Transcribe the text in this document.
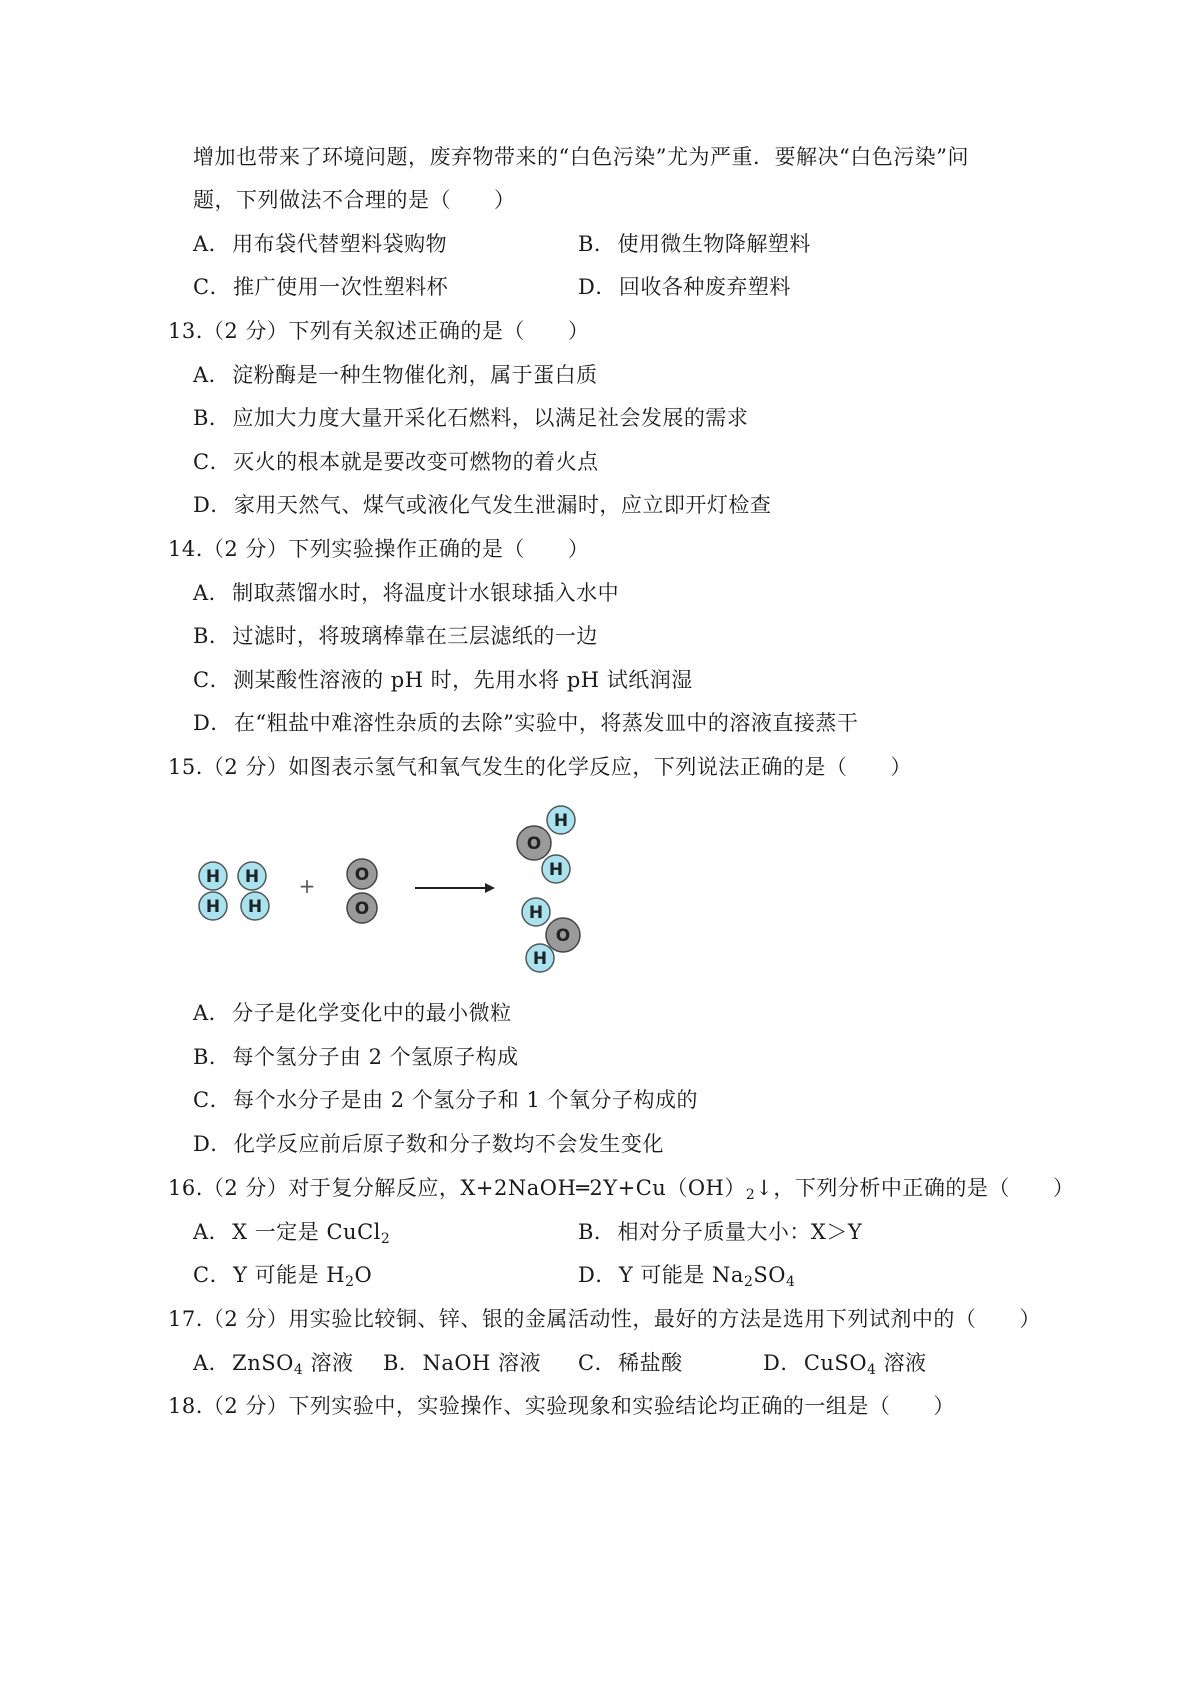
增加也带来了环境问题，废弃物带来的“白色污染”尤为严重．要解决“白色污染”问
题，下列做法不合理的是（　　）
A．用布袋代替塑料袋购物	B．使用微生物降解塑料
C．推广使用一次性塑料杯	D．回收各种废弃塑料
13.（2 分）下列有关叙述正确的是（　　）
A．淀粉酶是一种生物催化剂，属于蛋白质
B．应加大力度大量开采化石燃料，以满足社会发展的需求
C．灭火的根本就是要改变可燃物的着火点
D．家用天然气、煤气或液化气发生泄漏时，应立即开灯检查
14.（2 分）下列实验操作正确的是（　　）
A．制取蒸馏水时，将温度计水银球插入水中
B．过滤时，将玻璃棒靠在三层滤纸的一边
C．测某酸性溶液的 pH 时，先用水将 pH 试纸润湿
D．在“粗盐中难溶性杂质的去除”实验中，将蒸发皿中的溶液直接蒸干
15.（2 分）如图表示氢气和氧气发生的化学反应，下列说法正确的是（　　）
H
H
H
H
+ O
O
O
H
H
H
O
H
A．分子是化学变化中的最小微粒
B．每个氢分子由 2 个氢原子构成
C．每个水分子是由 2 个氢分子和 1 个氧分子构成的
D．化学反应前后原子数和分子数均不会发生变化
16.（2 分）对于复分解反应，$X+2NaOH═2Y+Cu(OH)_2↓$，下列分析中正确的是（　　）
A．X 一定是 CuCl$_2$	B．相对分子质量大小：X＞Y
C．Y 可能是 $H_2O$	D．Y 可能是 $Na_2SO_4$
17.（2 分）用实验比较铜、锌、银的金属活动性，最好的方法是选用下列试剂中的（　　）
A．ZnSO$_4$ 溶液 B．NaOH 溶液 C．稀盐酸	D．CuSO$_4$ 溶液
18.（2 分）下列实验中，实验操作、实验现象和实验结论均正确的一组是（　　）
